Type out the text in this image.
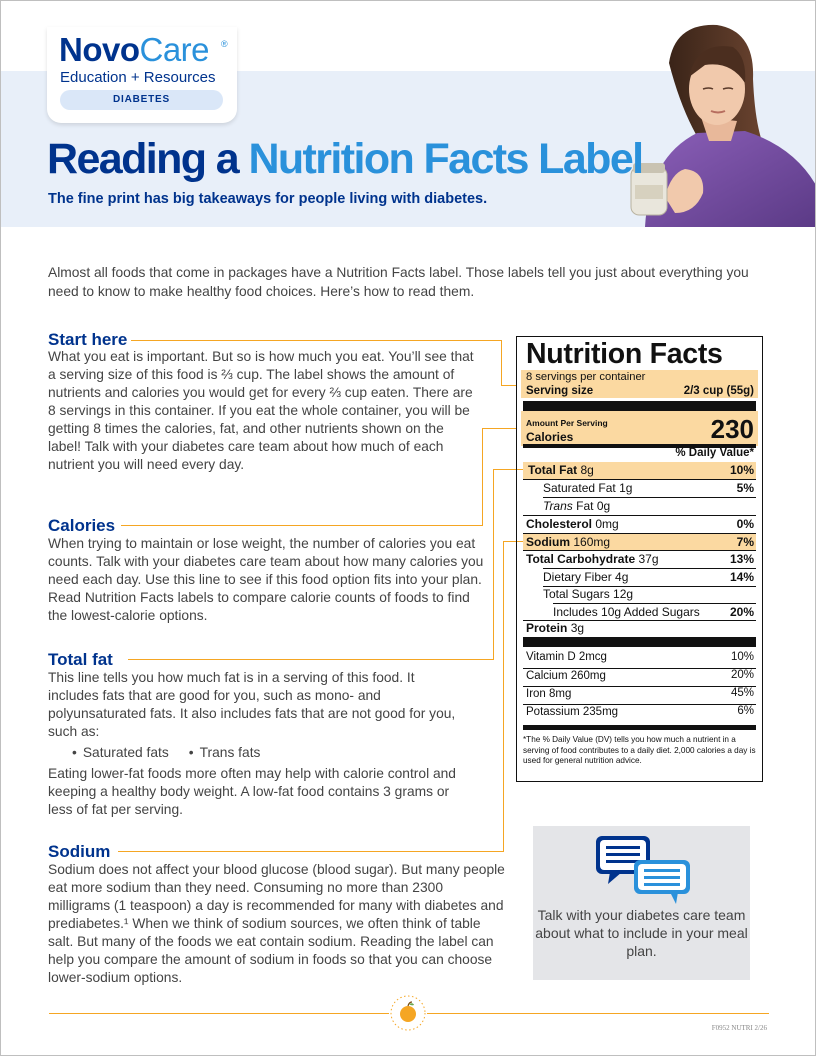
NovoCare ®
Education + Resources
DIABETES
Reading a Nutrition Facts Label
The fine print has big takeaways for people living with diabetes.
Almost all foods that come in packages have a Nutrition Facts label. Those labels tell you just about everything you need to know to make healthy food choices. Here’s how to read them.
Start here
What you eat is important. But so is how much you eat. You’ll see that a serving size of this food is ⅔ cup. The label shows the amount of nutrients and calories you would get for every ⅔ cup eaten. There are 8 servings in this container. If you eat the whole container, you will be getting 8 times the calories, fat, and other nutrients shown on the label! Talk with your diabetes care team about how much of each nutrient you will need every day.
Calories
When trying to maintain or lose weight, the number of calories you eat counts. Talk with your diabetes care team about how many calories you need each day. Use this line to see if this food option fits into your plan. Read Nutrition Facts labels to compare calorie counts of foods to find the lowest-calorie options.
Total fat
This line tells you how much fat is in a serving of this food. It includes fats that are good for you, such as mono- and polyunsaturated fats. It also includes fats that are not good for you, such as:
• Saturated fats
•	Trans fats
Eating lower-fat foods more often may help with calorie control and keeping a healthy body weight. A low-fat food contains 3 grams or less of fat per serving.
Sodium
Sodium does not affect your blood glucose (blood sugar). But many people eat more sodium than they need. Consuming no more than 2300 milligrams (1 teaspoon) a day is recommended for many with diabetes and prediabetes.¹ When we think of sodium sources, we often think of table salt. But many of the foods we eat contain sodium. Reading the label can help you compare the amount of sodium in foods so that you can choose lower-sodium options.
Nutrition Facts
8 servings per container
Serving size	2/3 cup (55g)
Amount Per Serving
Calories	230
% Daily Value*
Total Fat 8g	10%
Saturated Fat 1g	5%
Trans Fat 0g
Cholesterol 0mg	0%
Sodium 160mg	7%
Total Carbohydrate 37g	13%
Dietary Fiber 4g	14%
Total Sugars 12g
Includes 10g Added Sugars	20%
Protein 3g
Vitamin D 2mcg	10%
Calcium 260mg	20%
Iron 8mg	45%
Potassium 235mg	6%
*The % Daily Value (DV) tells you how much a nutrient in a serving of food contributes to a daily diet. 2,000 calories a day is used for general nutrition advice.
Talk with your diabetes care team about what to include in your meal plan.
F0952 NUTRI 2/26
